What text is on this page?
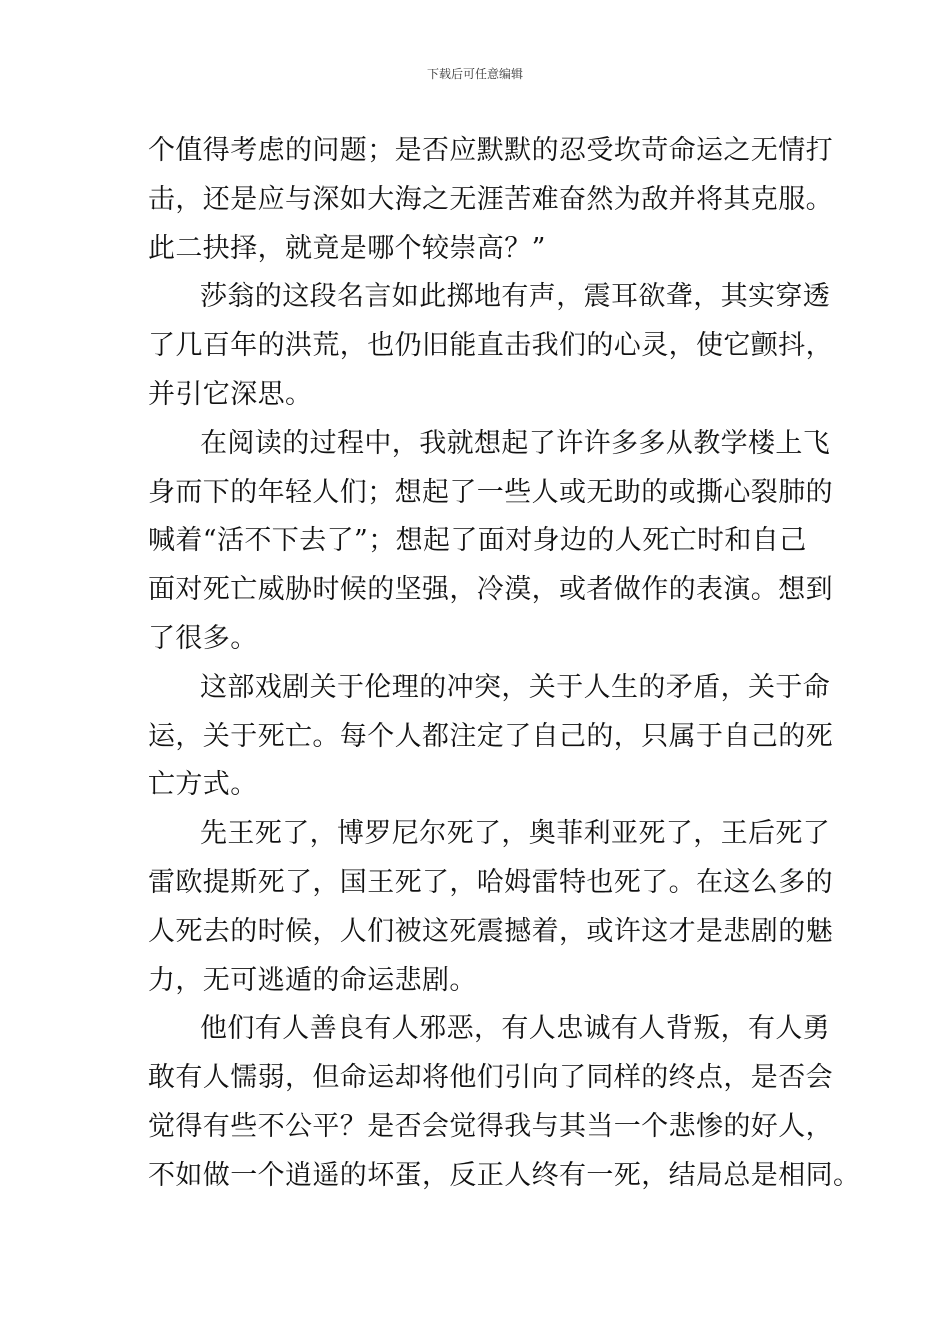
下载后可任意编辑
个值得考虑的问题；是否应默默的忍受坎苛命运之无情打
击，还是应与深如大海之无涯苦难奋然为敌并将其克服。
此二抉择，就竟是哪个较崇高？”
莎翁的这段名言如此掷地有声，震耳欲聋，其实穿透
了几百年的洪荒，也仍旧能直击我们的心灵，使它颤抖，
并引它深思。
在阅读的过程中，我就想起了许许多多从教学楼上飞
身而下的年轻人们；想起了一些人或无助的或撕心裂肺的
喊着“活不下去了”；想起了面对身边的人死亡时和自己
面对死亡威胁时候的坚强，冷漠，或者做作的表演。想到
了很多。
这部戏剧关于伦理的冲突，关于人生的矛盾，关于命
运，关于死亡。每个人都注定了自己的，只属于自己的死
亡方式。
先王死了，博罗尼尔死了，奥菲利亚死了，王后死了
雷欧提斯死了，国王死了，哈姆雷特也死了。在这么多的
人死去的时候，人们被这死震撼着，或许这才是悲剧的魅
力，无可逃遁的命运悲剧。
他们有人善良有人邪恶，有人忠诚有人背叛，有人勇
敢有人懦弱，但命运却将他们引向了同样的终点，是否会
觉得有些不公平？是否会觉得我与其当一个悲惨的好人，
不如做一个逍遥的坏蛋，反正人终有一死，结局总是相同。
